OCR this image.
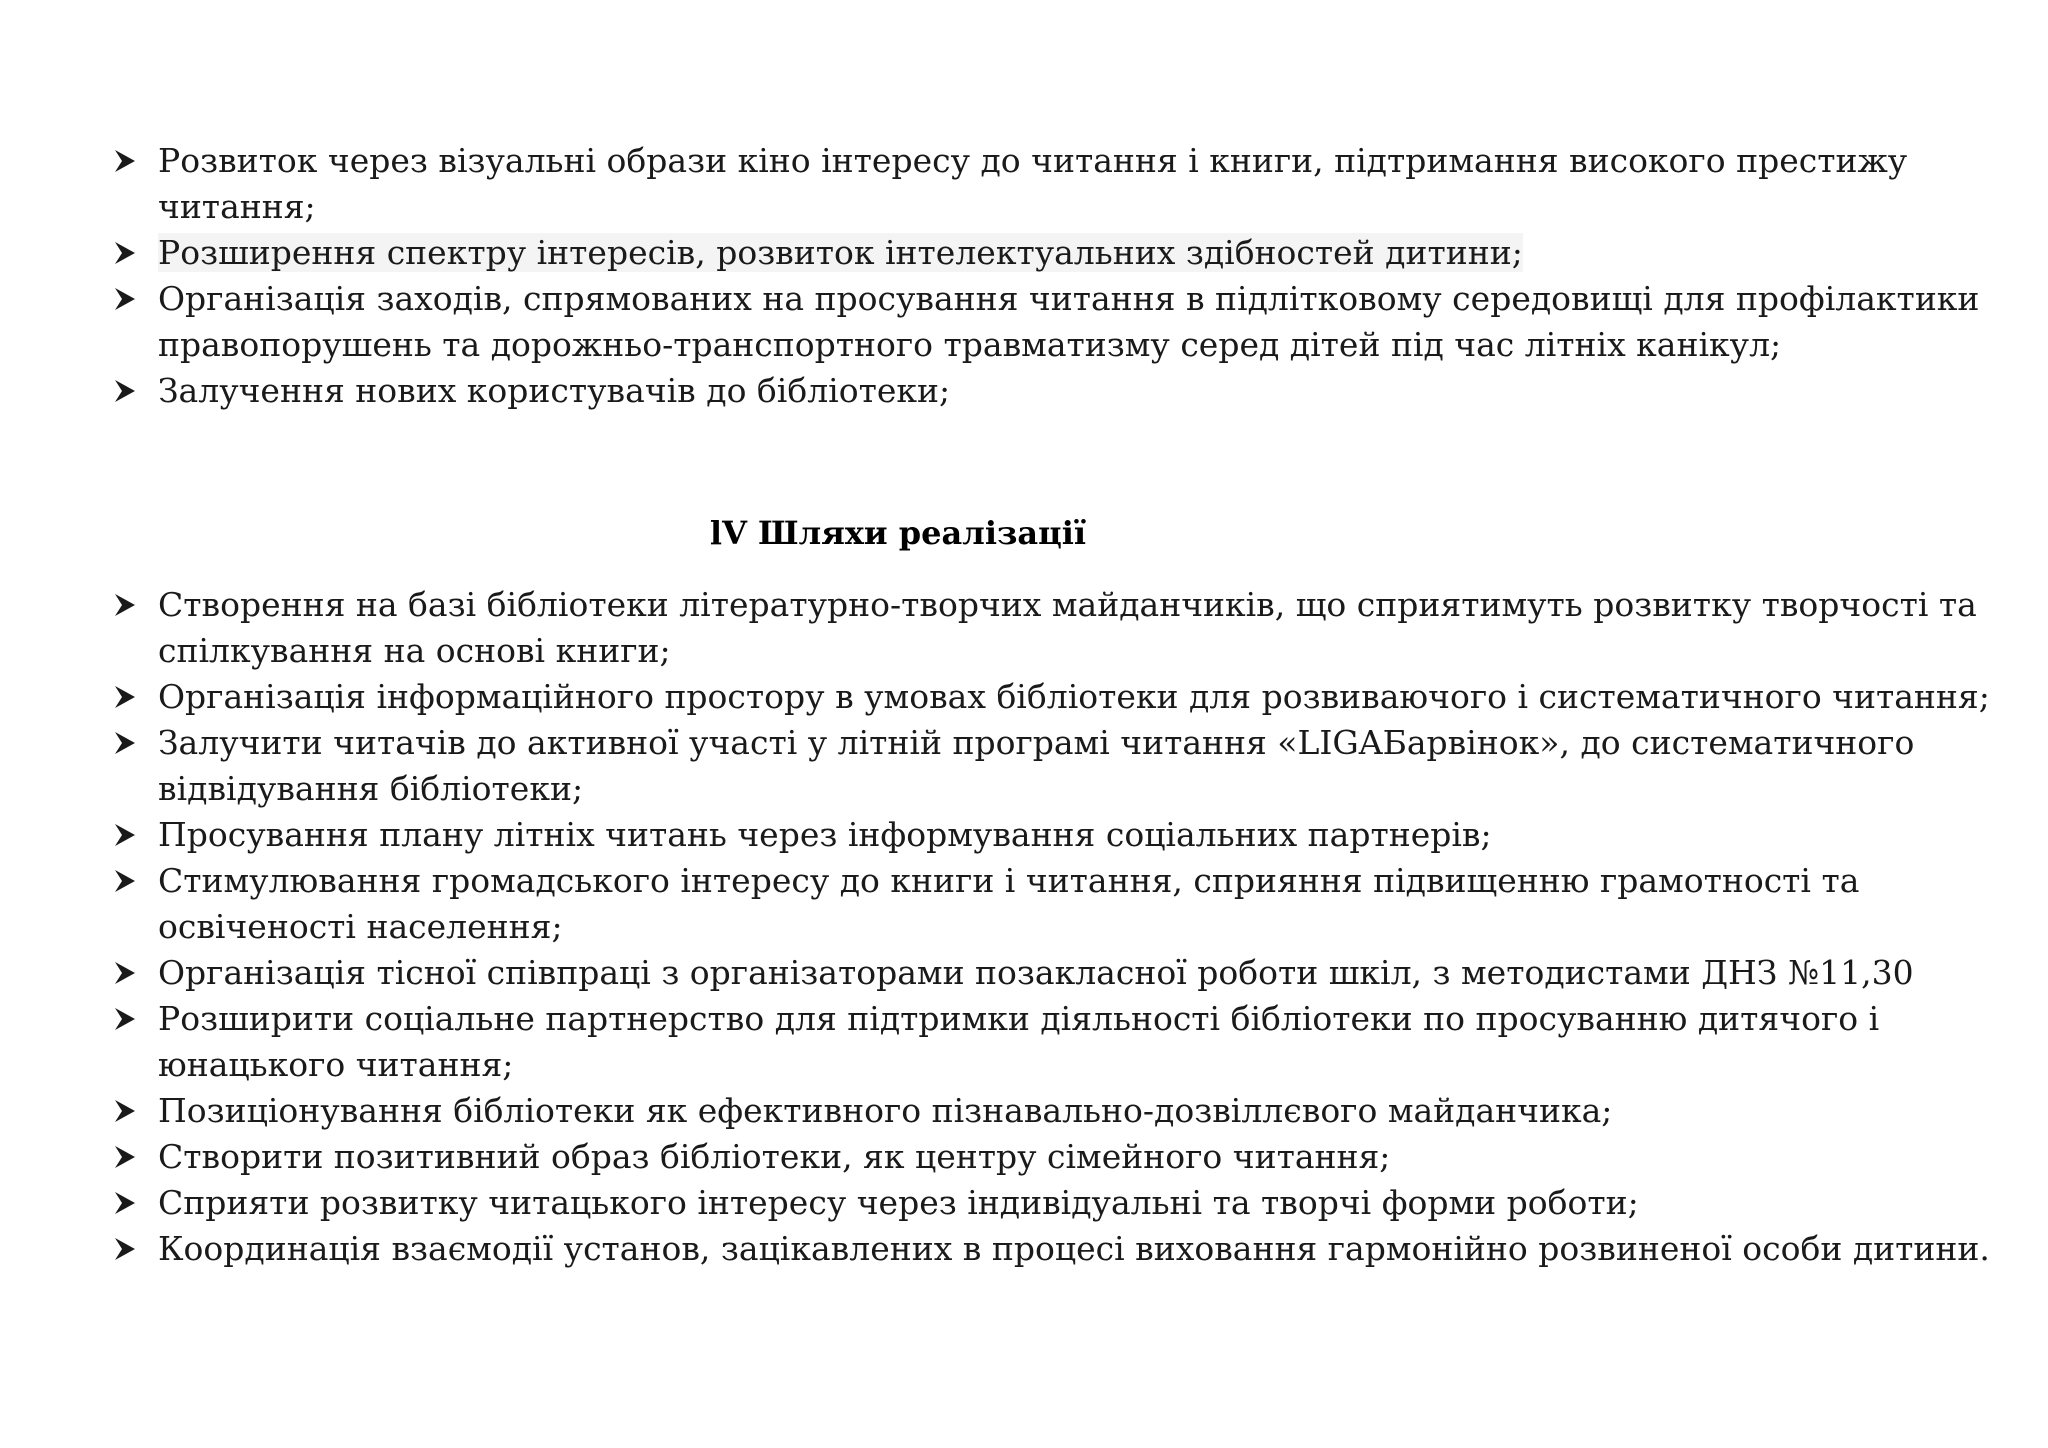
Розвиток через візуальні образи кіно інтересу до читання і книги, підтримання високого престижу читання;
Розширення спектру інтересів, розвиток інтелектуальних здібностей дитини;
Організація заходів, спрямованих на просування читання в підлітковому середовищі для профілактики правопорушень та дорожньо-транспортного травматизму серед дітей під час літніх канікул;
Залучення нових користувачів до бібліотеки;
lV Шляхи реалізації
Створення на базі бібліотеки літературно-творчих майданчиків, що сприятимуть розвитку творчості та спілкування на основі книги;
Організація інформаційного простору в умовах бібліотеки для розвиваючого і систематичного читання;
Залучити читачів до активної участі у літній програмі читання «LIGAБарвінок», до систематичного відвідування бібліотеки;
Просування плану літніх читань через інформування соціальних партнерів;
Стимулювання громадського інтересу до книги і читання, сприяння підвищенню грамотності та освіченості населення;
Організація тісної співпраці з організаторами позакласної роботи шкіл, з методистами ДНЗ №11,30
Розширити соціальне партнерство для підтримки діяльності бібліотеки по просуванню дитячого і юнацького читання;
Позиціонування бібліотеки як ефективного пізнавально-дозвіллєвого майданчика;
Створити позитивний образ бібліотеки, як центру сімейного читання;
Сприяти розвитку читацького інтересу через індивідуальні та творчі форми роботи;
Координація взаємодії установ, зацікавлених в процесі виховання гармонійно розвиненої особи дитини.
